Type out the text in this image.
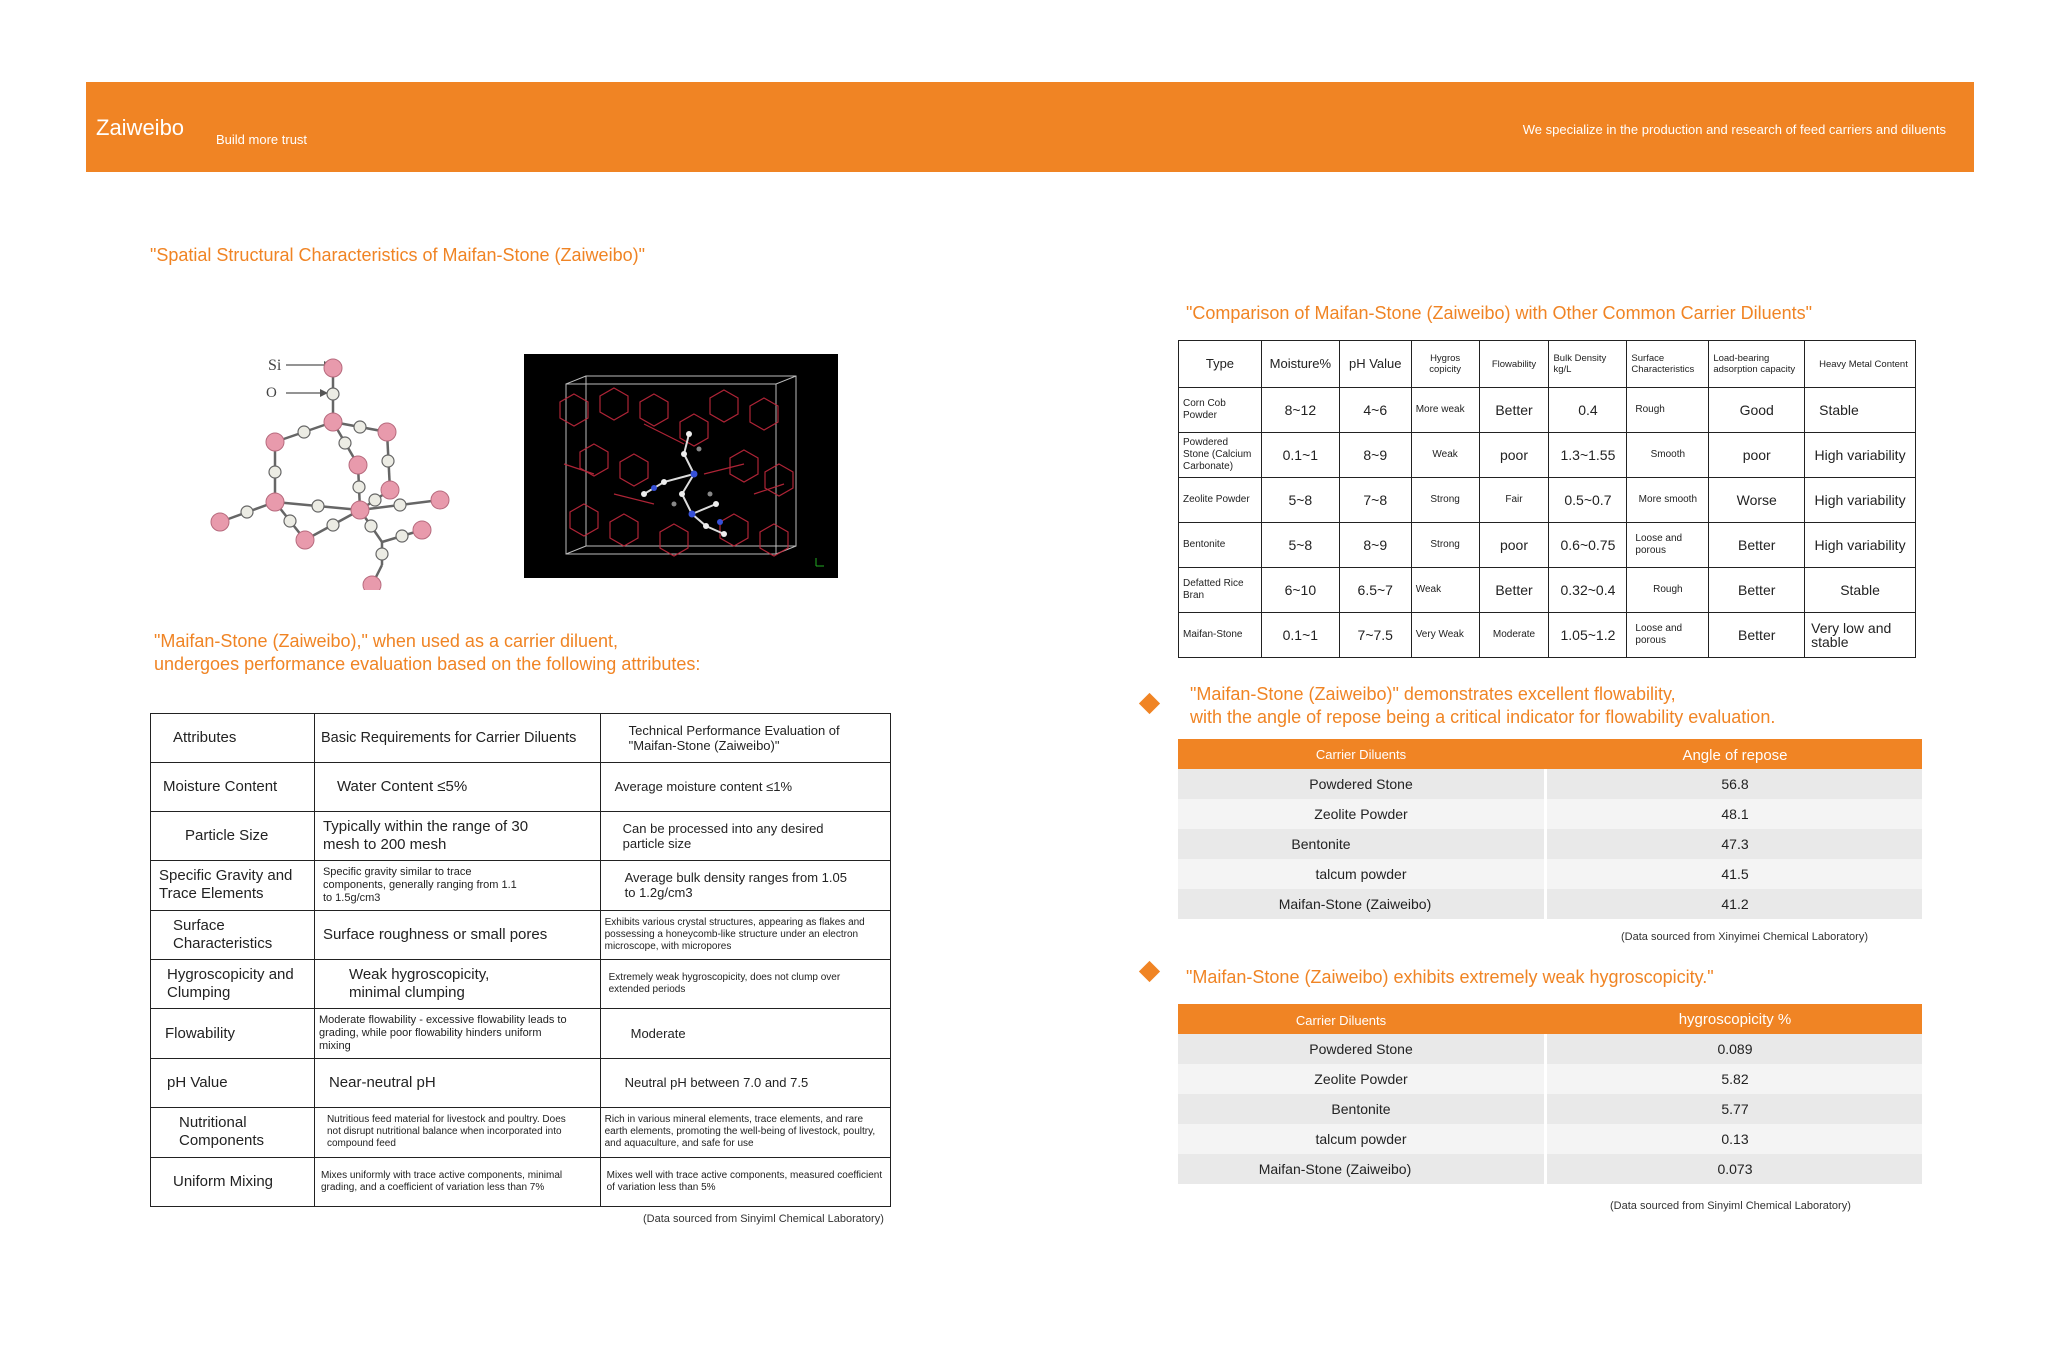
Zaiweibo Build more trust
We specialize in the production and research of feed carriers and diluents
"Spatial Structural Characteristics of Maifan-Stone (Zaiweibo)"
Si
O
"Maifan-Stone (Zaiweibo)," when used as a carrier diluent,
undergoes performance evaluation based on the following attributes:
Attributes	Basic Requirements for Carrier Diluents	Technical Performance Evaluation of "Maifan-Stone (Zaiweibo)"
Moisture Content	Water Content ≤5%	Average moisture content ≤1%
Particle Size	Typically within the range of 30 mesh to 200 mesh	Can be processed into any desired particle size
Specific Gravity and Trace Elements	Specific gravity similar to trace components, generally ranging from 1.1 to 1.5g/cm3	Average bulk density ranges from 1.05 to 1.2g/cm3
Surface Characteristics	Surface roughness or small pores	Exhibits various crystal structures, appearing as flakes and possessing a honeycomb-like structure under an electron microscope, with micropores
Hygroscopicity and Clumping	Weak hygroscopicity, minimal clumping	Extremely weak hygroscopicity, does not clump over extended periods
Flowability	Moderate flowability - excessive flowability leads to grading, while poor flowability hinders uniform mixing	Moderate
pH Value	Near-neutral pH	Neutral pH between 7.0 and 7.5
Nutritional Components	Nutritious feed material for livestock and poultry. Does not disrupt nutritional balance when incorporated into compound feed	Rich in various mineral elements, trace elements, and rare earth elements, promoting the well-being of livestock, poultry, and aquaculture, and safe for use
Uniform Mixing	Mixes uniformly with trace active components, minimal grading, and a coefficient of variation less than 7%	Mixes well with trace active components, measured coefficient of variation less than 5%
(Data sourced from Sinyiml Chemical Laboratory)
"Comparison of Maifan-Stone (Zaiweibo) with Other Common Carrier Diluents"
Type	Moisture%	pH Value	Hygros copicity	Flowability	Bulk Density kg/L	Surface Characteristics	Load-bearing adsorption capacity	Heavy Metal Content
Corn Cob Powder	8~12	4~6	More weak	Better	0.4	Rough	Good	Stable
Powdered Stone (Calcium Carbonate)	0.1~1	8~9	Weak	poor	1.3~1.55	Smooth	poor	High variability
Zeolite Powder	5~8	7~8	Strong	Fair	0.5~0.7	More smooth	Worse	High variability
Bentonite	5~8	8~9	Strong	poor	0.6~0.75	Loose and porous	Better	High variability
Defatted Rice Bran	6~10	6.5~7	Weak	Better	0.32~0.4	Rough	Better	Stable
Maifan-Stone	0.1~1	7~7.5	Very Weak	Moderate	1.05~1.2	Loose and porous	Better	Very low and stable
"Maifan-Stone (Zaiweibo)" demonstrates excellent flowability,
with the angle of repose being a critical indicator for flowability evaluation.
Carrier Diluents	Angle of repose
Powdered Stone	56.8
Zeolite Powder	48.1
Bentonite	47.3
talcum powder	41.5
Maifan-Stone (Zaiweibo)	41.2
(Data sourced from Xinyimei Chemical Laboratory)
"Maifan-Stone (Zaiweibo) exhibits extremely weak hygroscopicity."
Carrier Diluents	hygroscopicity %
Powdered Stone	0.089
Zeolite Powder	5.82
Bentonite	5.77
talcum powder	0.13
Maifan-Stone (Zaiweibo)	0.073
(Data sourced from Sinyiml Chemical Laboratory)
